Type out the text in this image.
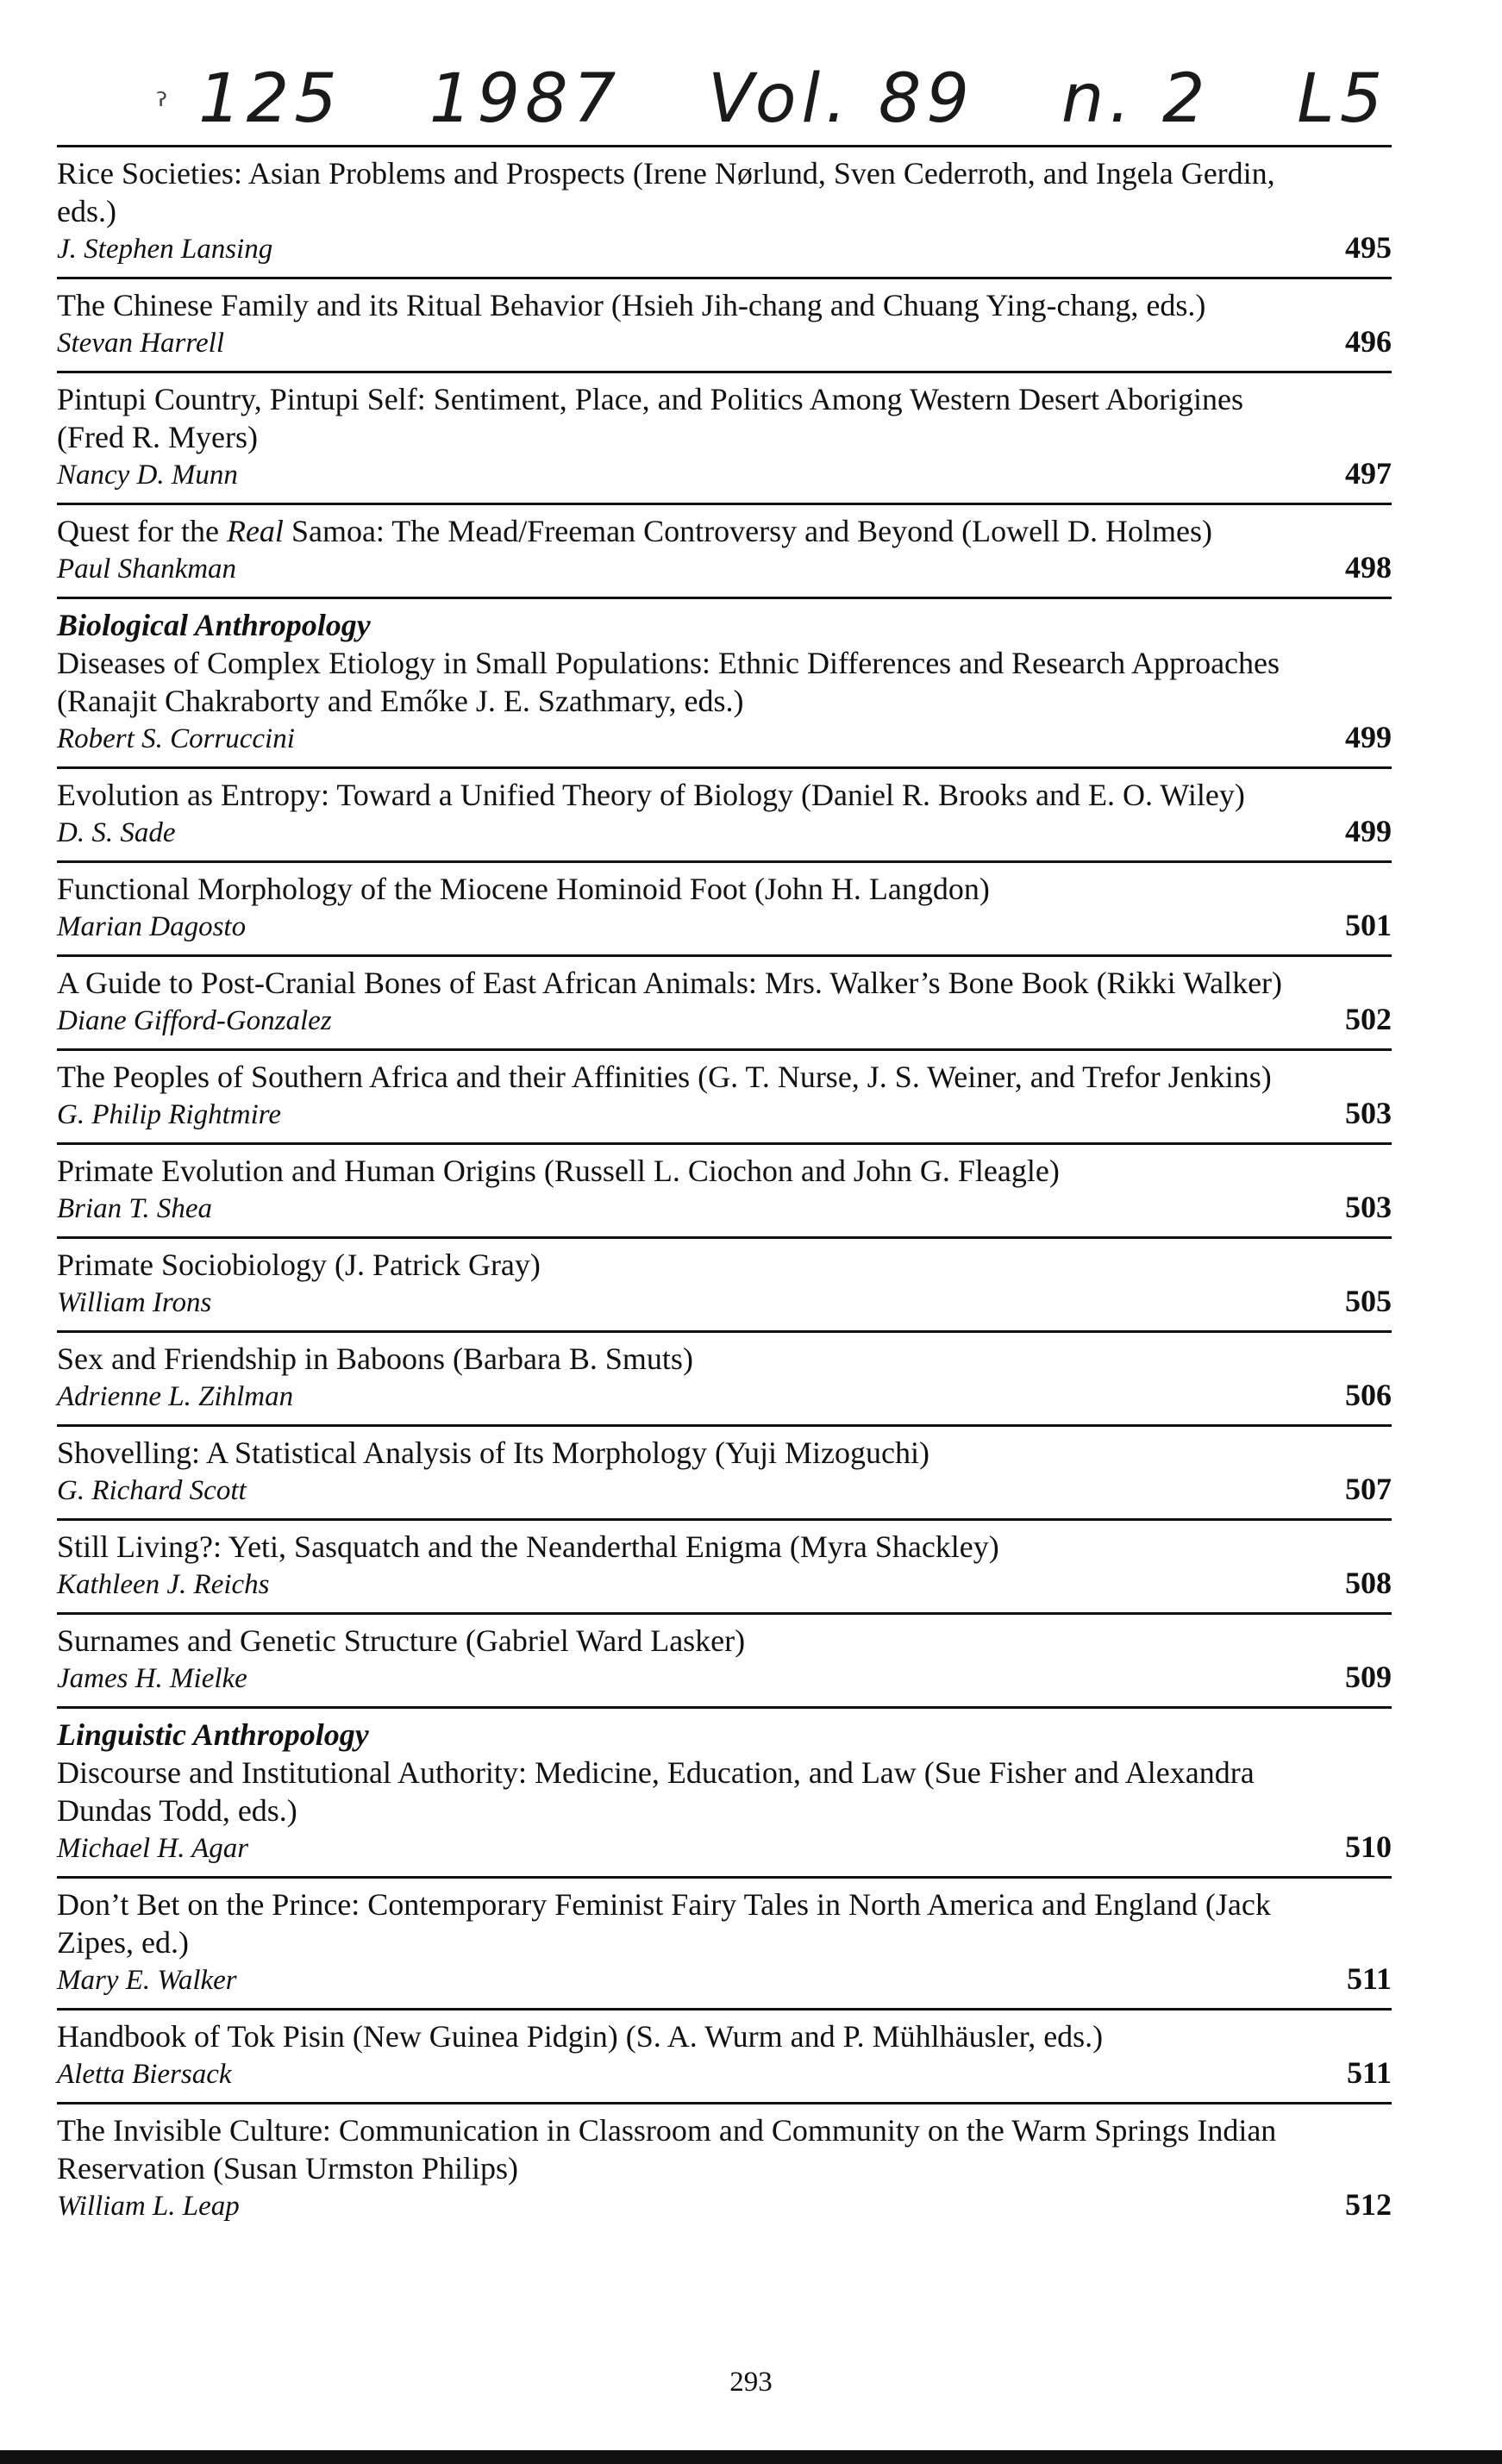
ˀ 125 1987 Vol. 89 n. 2 L5
Rice Societies: Asian Problems and Prospects (Irene Nørlund, Sven Cederroth, and Ingela Gerdin, eds.)
J. Stephen Lansing	495
The Chinese Family and its Ritual Behavior (Hsieh Jih-chang and Chuang Ying-chang, eds.)
Stevan Harrell	496
Pintupi Country, Pintupi Self: Sentiment, Place, and Politics Among Western Desert Aborigines (Fred R. Myers)
Nancy D. Munn	497
Quest for the Real Samoa: The Mead/Freeman Controversy and Beyond (Lowell D. Holmes)
Paul Shankman	498
Biological Anthropology
Diseases of Complex Etiology in Small Populations: Ethnic Differences and Research Approaches (Ranajit Chakraborty and Emőke J. E. Szathmary, eds.)
Robert S. Corruccini	499
Evolution as Entropy: Toward a Unified Theory of Biology (Daniel R. Brooks and E. O. Wiley)
D. S. Sade	499
Functional Morphology of the Miocene Hominoid Foot (John H. Langdon)
Marian Dagosto	501
A Guide to Post-Cranial Bones of East African Animals: Mrs. Walker’s Bone Book (Rikki Walker)
Diane Gifford-Gonzalez	502
The Peoples of Southern Africa and their Affinities (G. T. Nurse, J. S. Weiner, and Trefor Jenkins)
G. Philip Rightmire	503
Primate Evolution and Human Origins (Russell L. Ciochon and John G. Fleagle)
Brian T. Shea	503
Primate Sociobiology (J. Patrick Gray)
William Irons	505
Sex and Friendship in Baboons (Barbara B. Smuts)
Adrienne L. Zihlman	506
Shovelling: A Statistical Analysis of Its Morphology (Yuji Mizoguchi)
G. Richard Scott	507
Still Living?: Yeti, Sasquatch and the Neanderthal Enigma (Myra Shackley)
Kathleen J. Reichs	508
Surnames and Genetic Structure (Gabriel Ward Lasker)
James H. Mielke	509
Linguistic Anthropology
Discourse and Institutional Authority: Medicine, Education, and Law (Sue Fisher and Alexandra Dundas Todd, eds.)
Michael H. Agar	510
Don’t Bet on the Prince: Contemporary Feminist Fairy Tales in North America and England (Jack Zipes, ed.)
Mary E. Walker	511
Handbook of Tok Pisin (New Guinea Pidgin) (S. A. Wurm and P. Mühlhäusler, eds.)
Aletta Biersack	511
The Invisible Culture: Communication in Classroom and Community on the Warm Springs Indian Reservation (Susan Urmston Philips)
William L. Leap	512
293
